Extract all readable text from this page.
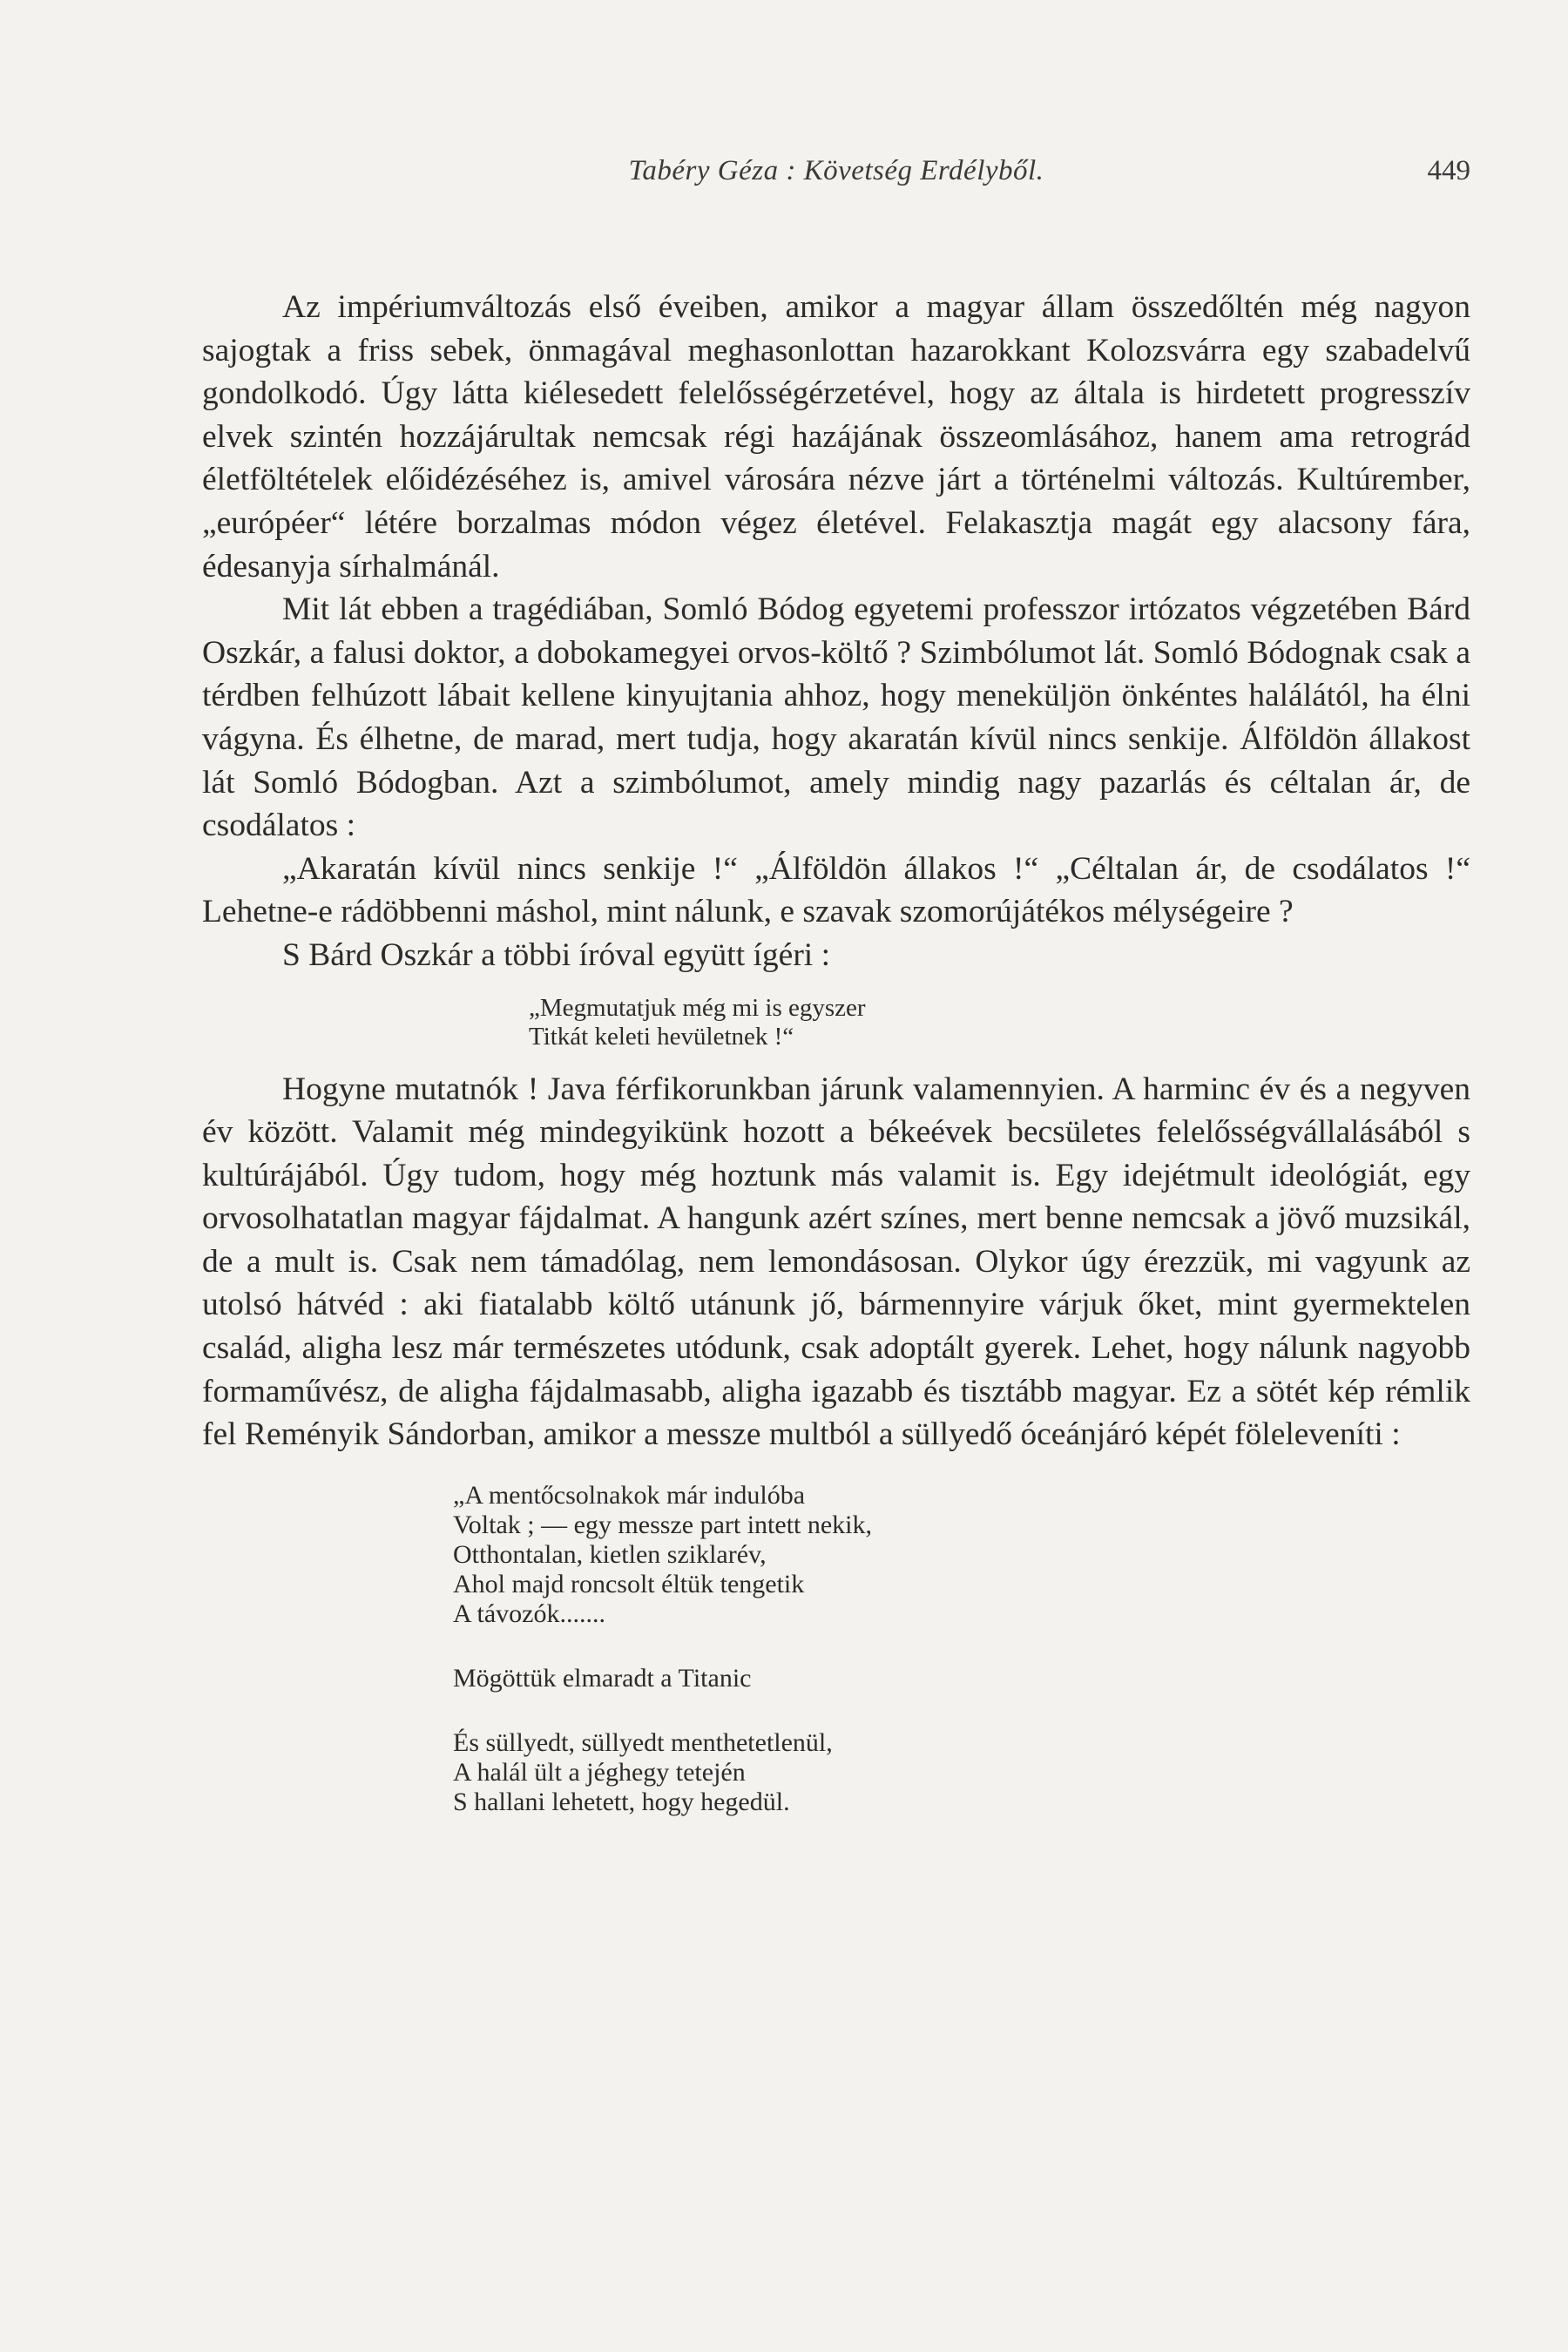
Tabéry Géza : Követség Erdélyből.	449

Az impériumváltozás első éveiben, amikor a magyar állam összedőltén még nagyon sajogtak a friss sebek, önmagával meghasonlottan hazarokkant Kolozsvárra egy szabadelvű gondolkodó. Úgy látta kiélesedett felelősségérzetével, hogy az általa is hirdetett progresszív elvek szintén hozzájárultak nemcsak régi hazájának összeomlásához, hanem ama retrográd életföltételek előidézéséhez is, amivel városára nézve járt a történelmi változás. Kultúrember, „európéer“ létére borzalmas módon végez életével. Felakasztja magát egy alacsony fára, édesanyja sírhalmánál.

Mit lát ebben a tragédiában, Somló Bódog egyetemi professzor irtózatos végzetében Bárd Oszkár, a falusi doktor, a dobokamegyei orvos-költő ? Szimbólumot lát. Somló Bódognak csak a térdben felhúzott lábait kellene kinyujtania ahhoz, hogy meneküljön önkéntes halálától, ha élni vágyna. És élhetne, de marad, mert tudja, hogy akaratán kívül nincs senkije. Álföldön állakost lát Somló Bódogban. Azt a szimbólumot, amely mindig nagy pazarlás és céltalan ár, de csodálatos :

„Akaratán kívül nincs senkije !“ „Álföldön állakos !“ „Céltalan ár, de csodálatos !“ Lehetne-e rádöbbenni máshol, mint nálunk, e szavak szomorújátékos mélységeire ?

S Bárd Oszkár a többi íróval együtt ígéri :

„Megmutatjuk még mi is egyszer
Titkát keleti hevületnek !“

Hogyne mutatnók ! Java férfikorunkban járunk valamennyien. A harminc év és a negyven év között. Valamit még mindegyikünk hozott a békeévek becsületes felelősségvállalásából s kultúrájából. Úgy tudom, hogy még hoztunk más valamit is. Egy idejétmult ideológiát, egy orvosolhatatlan magyar fájdalmat. A hangunk azért színes, mert benne nemcsak a jövő muzsikál, de a mult is. Csak nem támadólag, nem lemondásosan. Olykor úgy érezzük, mi vagyunk az utolsó hátvéd : aki fiatalabb költő utánunk jő, bármennyire várjuk őket, mint gyermektelen család, aligha lesz már természetes utódunk, csak adoptált gyerek. Lehet, hogy nálunk nagyobb formaművész, de aligha fájdalmasabb, aligha igazabb és tisztább magyar. Ez a sötét kép rémlik fel Reményik Sándorban, amikor a messze multból a süllyedő óceánjáró képét föleleveníti :

„A mentőcsolnakok már indulóba
Voltak ; — egy messze part intett nekik,
Otthontalan, kietlen sziklarév,
Ahol majd roncsolt éltük tengetik
A távozók.......
Mögöttük elmaradt a Titanic
És süllyedt, süllyedt menthetetlenül,
A halál ült a jéghegy tetején
S hallani lehetett, hogy hegedül.
